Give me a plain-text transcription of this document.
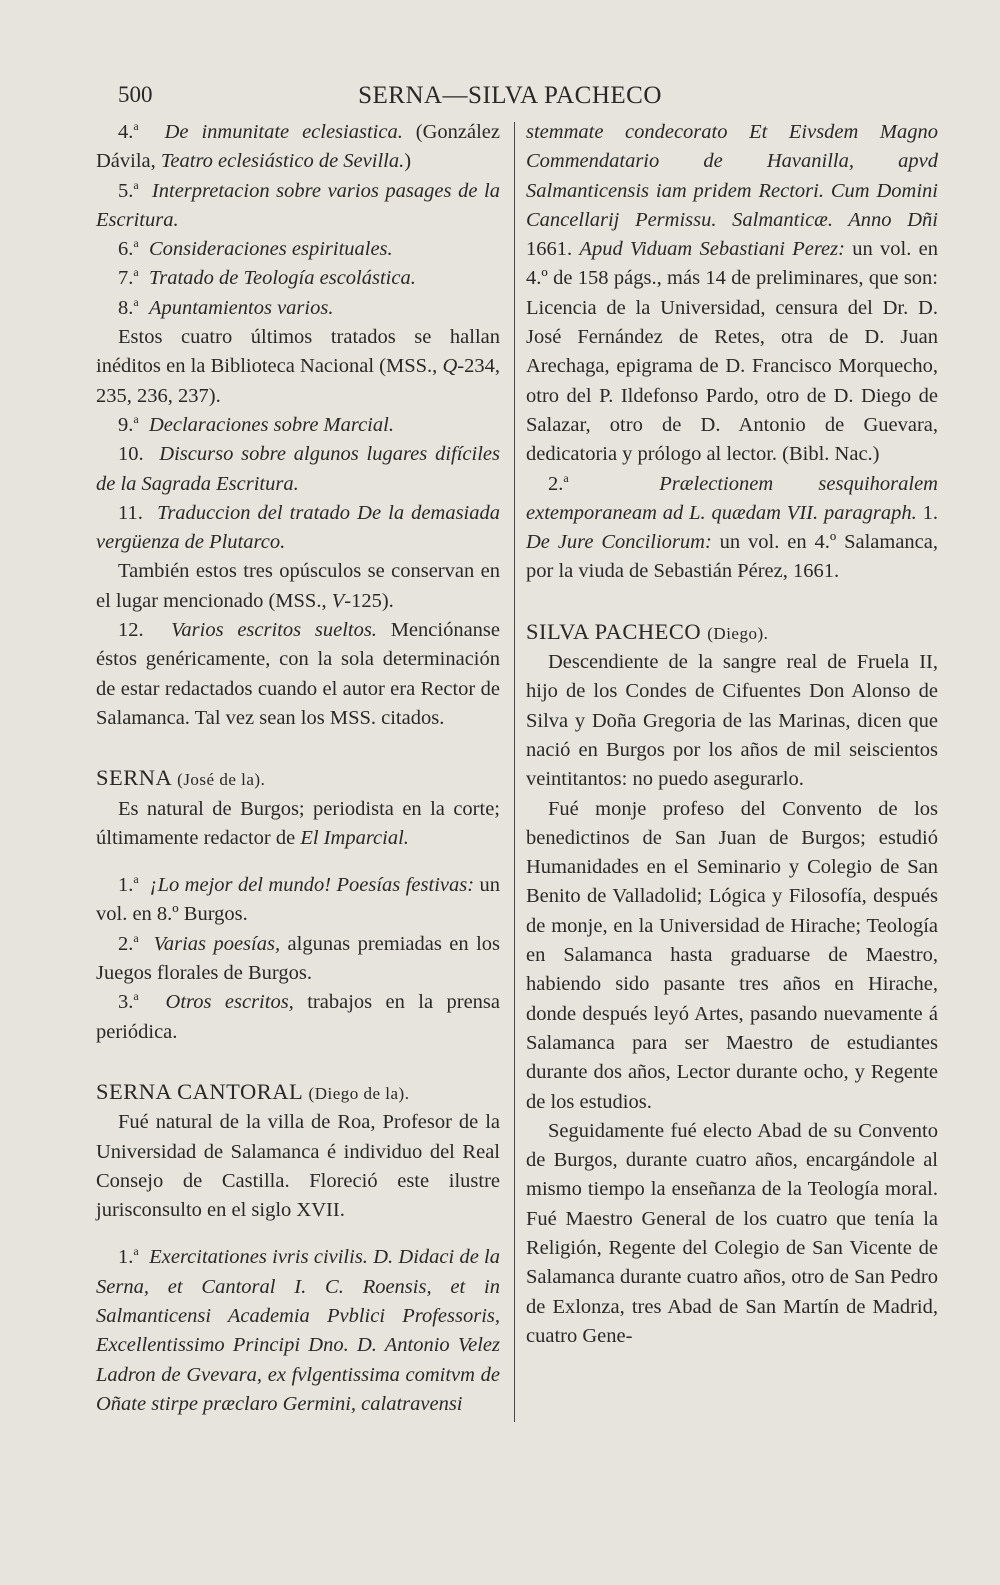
500	SERNA—SILVA PACHECO

4.$^a$ De inmunitate eclesiastica. (González Dávila, Teatro eclesiástico de Sevilla.)

5.$^a$ Interpretacion sobre varios pasages de la Escritura.

6.$^a$ Consideraciones espirituales.

7.$^a$ Tratado de Teología escolástica.

8.$^a$ Apuntamientos varios.

Estos cuatro últimos tratados se hallan inéditos en la Biblioteca Nacional (MSS., Q-234, 235, 236, 237).

9.$^a$ Declaraciones sobre Marcial.

10. Discurso sobre algunos lugares difíciles de la Sagrada Escritura.

11. Traduccion del tratado De la demasiada vergüenza de Plutarco.

También estos tres opúsculos se conservan en el lugar mencionado (MSS., V-125).

12. Varios escritos sueltos. Menciónanse éstos genéricamente, con la sola determinación de estar redactados cuando el autor era Rector de Salamanca. Tal vez sean los MSS. citados.

SERNA (José de la).

Es natural de Burgos; periodista en la corte; últimamente redactor de El Imparcial.

1.$^a$ ¡Lo mejor del mundo! Poesías festivas: un vol. en 8.º Burgos.

2.$^a$ Varias poesías, algunas premiadas en los Juegos florales de Burgos.

3.$^a$ Otros escritos, trabajos en la prensa periódica.

SERNA CANTORAL (Diego de la).

Fué natural de la villa de Roa, Profesor de la Universidad de Salamanca é individuo del Real Consejo de Castilla. Floreció este ilustre jurisconsulto en el siglo XVII.

1.$^a$ Exercitationes ivris civilis. D. Didaci de la Serna, et Cantoral I. C. Roensis, et in Salmanticensi Academia Pvblici Professoris, Excellentissimo Principi Dno. D. Antonio Velez Ladron de Gvevara, ex fvlgentissima comitvm de Oñate stirpe præclaro Germini, calatravensi

stemmate condecorato Et Eivsdem Magno Commendatario de Havanilla, apvd Salmanticensis iam pridem Rectori. Cum Domini Cancellarij Permissu. Salmanticæ. Anno Dñi 1661. Apud Viduam Sebastiani Perez: un vol. en 4.º de 158 págs., más 14 de preliminares, que son: Licencia de la Universidad, censura del Dr. D. José Fernández de Retes, otra de D. Juan Arechaga, epigrama de D. Francisco Morquecho, otro del P. Ildefonso Pardo, otro de D. Diego de Salazar, otro de D. Antonio de Guevara, dedicatoria y prólogo al lector. (Bibl. Nac.)

2.$^a$	Prælectionem sesquihoralem extemporaneam ad L. quædam VII. paragraph. 1. De Jure Conciliorum: un vol. en 4.º Salamanca, por la viuda de Sebastián Pérez, 1661.

SILVA PACHECO (Diego).

Descendiente de la sangre real de Fruela II, hijo de los Condes de Cifuentes Don Alonso de Silva y Doña Gregoria de las Marinas, dicen que nació en Burgos por los años de mil seiscientos veintitantos: no puedo asegurarlo.

Fué monje profeso del Convento de los benedictinos de San Juan de Burgos; estudió Humanidades en el Seminario y Colegio de San Benito de Valladolid; Lógica y Filosofía, después de monje, en la Universidad de Hirache; Teología en Salamanca hasta graduarse de Maestro, habiendo sido pasante tres años en Hirache, donde después leyó Artes, pasando nuevamente á Salamanca para ser Maestro de estudiantes durante dos años, Lector durante ocho, y Regente de los estudios.

Seguidamente fué electo Abad de su Convento de Burgos, durante cuatro años, encargándole al mismo tiempo la enseñanza de la Teología moral. Fué Maestro General de los cuatro que tenía la Religión, Regente del Colegio de San Vicente de Salamanca durante cuatro años, otro de San Pedro de Exlonza, tres Abad de San Martín de Madrid, cuatro Gene-
